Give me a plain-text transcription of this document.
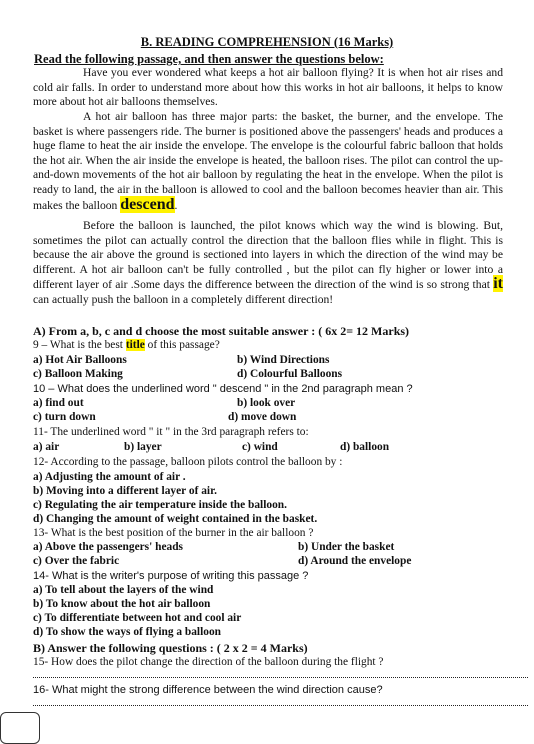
B. READING COMPREHENSION (16 Marks)
Read the following passage, and then answer the questions below:

Have you ever wondered what keeps a hot air balloon flying? It is when hot air rises and cold air falls. In order to understand more about how this works in hot air balloons, it helps to know more about hot air balloons themselves.

A hot air balloon has three major parts: the basket, the burner, and the envelope. The basket is where passengers ride. The burner is positioned above the passengers' heads and produces a huge flame to heat the air inside the envelope. The envelope is the colourful fabric balloon that holds the hot air. When the air inside the envelope is heated, the balloon rises. The pilot can control the up-and-down movements of the hot air balloon by regulating the heat in the envelope. When the pilot is ready to land, the air in the balloon is allowed to cool and the balloon becomes heavier than air. This makes the balloon descend.

Before the balloon is launched, the pilot knows which way the wind is blowing. But, sometimes the pilot can actually control the direction that the balloon flies while in flight. This is because the air above the ground is sectioned into layers in which the direction of the wind may be different. A hot air balloon can't be fully controlled , but the pilot can fly higher or lower into a different layer of air .Some days the difference between the direction of the wind is so strong that it can actually push the balloon in a completely different direction!

A) From a, b, c and d choose the most suitable answer : ( 6x 2= 12 Marks)
9 – What is the best title of this passage?
a) Hot Air Balloons	b) Wind Directions
c) Balloon Making	d) Colourful Balloons
10 – What does the underlined word " descend " in the 2nd paragraph mean ?
a) find out	b) look over
c) turn down	d) move down
11- The underlined word " it " in the 3rd paragraph refers to:
a) air	b) layer	c) wind	d) balloon
12- According to the passage, balloon pilots control the balloon by :
a) Adjusting the amount of air .
b) Moving into a different layer of air.
c) Regulating the air temperature inside the balloon.
d) Changing the amount of weight contained in the basket.
13- What is the best position of the burner in the air balloon ?
a) Above the passengers' heads	b) Under the basket
c) Over the fabric	d) Around the envelope
14- What is the writer's purpose of writing this passage ?
a) To tell about the layers of the wind
b) To know about the hot air balloon
c) To differentiate between hot and cool air
d) To show the ways of flying a balloon
B) Answer the following questions : ( 2 x 2 = 4 Marks)
15- How does the pilot change the direction of the balloon during the flight ?
16- What might the strong difference between the wind direction cause?
